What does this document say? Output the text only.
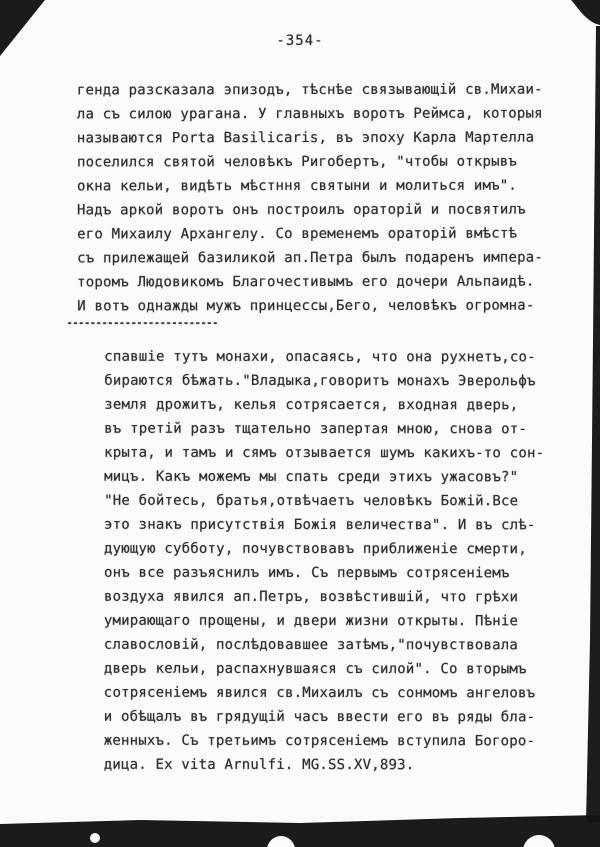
-354-
генда разсказала эпизодъ, тѣснѣе связывающій св.Михаи-
ла съ силою урагана. У главныхъ воротъ Реймса, которыя
называются Porta Basilicaris, въ эпоху Карла Мартелла
поселился святой человѣкъ Ригобертъ, "чтобы открывъ
окна кельи, видѣть мѣстння святыни и молиться имъ".
Надъ аркой воротъ онъ построилъ ораторій и посвятилъ
его Михаилу Архангелу. Со временемъ ораторій вмѣстѣ
съ прилежащей базиликой ап.Петра былъ подаренъ импера-
торомъ Людовикомъ Благочестивымъ его дочери Альпаидѣ.
И вотъ однажды мужъ принцессы,Бего, человѣкъ огромна-
--------------------------
спавшіе тутъ монахи, опасаясь, что она рухнетъ,со-
бираются бѣжать."Владыка,говоритъ монахъ Эверольфъ
земля дрожитъ, келья сотрясается, входная дверь,
въ третій разъ тщательно запертая мною, снова от-
крыта, и тамъ и сямъ отзывается шумъ какихъ-то сон-
мицъ. Какъ можемъ мы спать среди этихъ ужасовъ?"
"Не бойтесь, братья,отвѣчаетъ человѣкъ Божій.Все
это знакъ присутствія Божія величества". И въ слѣ-
дующую субботу, почувствовавъ приближеніе смерти,
онъ все разъяснилъ имъ. Съ первымъ сотрясеніемъ
воздуха явился ап.Петръ, возвѣстившій, что грѣхи
умирающаго прощены, и двери жизни открыты. Пѣніе
славословій, послѣдовавшее затѣмъ,"почувствовала
дверь кельи, распахнувшаяся съ силой". Со вторымъ
сотрясеніемъ явился св.Михаилъ съ сонмомъ ангеловъ
и обѣщалъ въ грядущій часъ ввести его въ ряды бла-
женныхъ. Съ третьимъ сотрясеніемъ вступила Богоро-
дица. Ex vita Arnulfi. MG.SS.XV,893.
